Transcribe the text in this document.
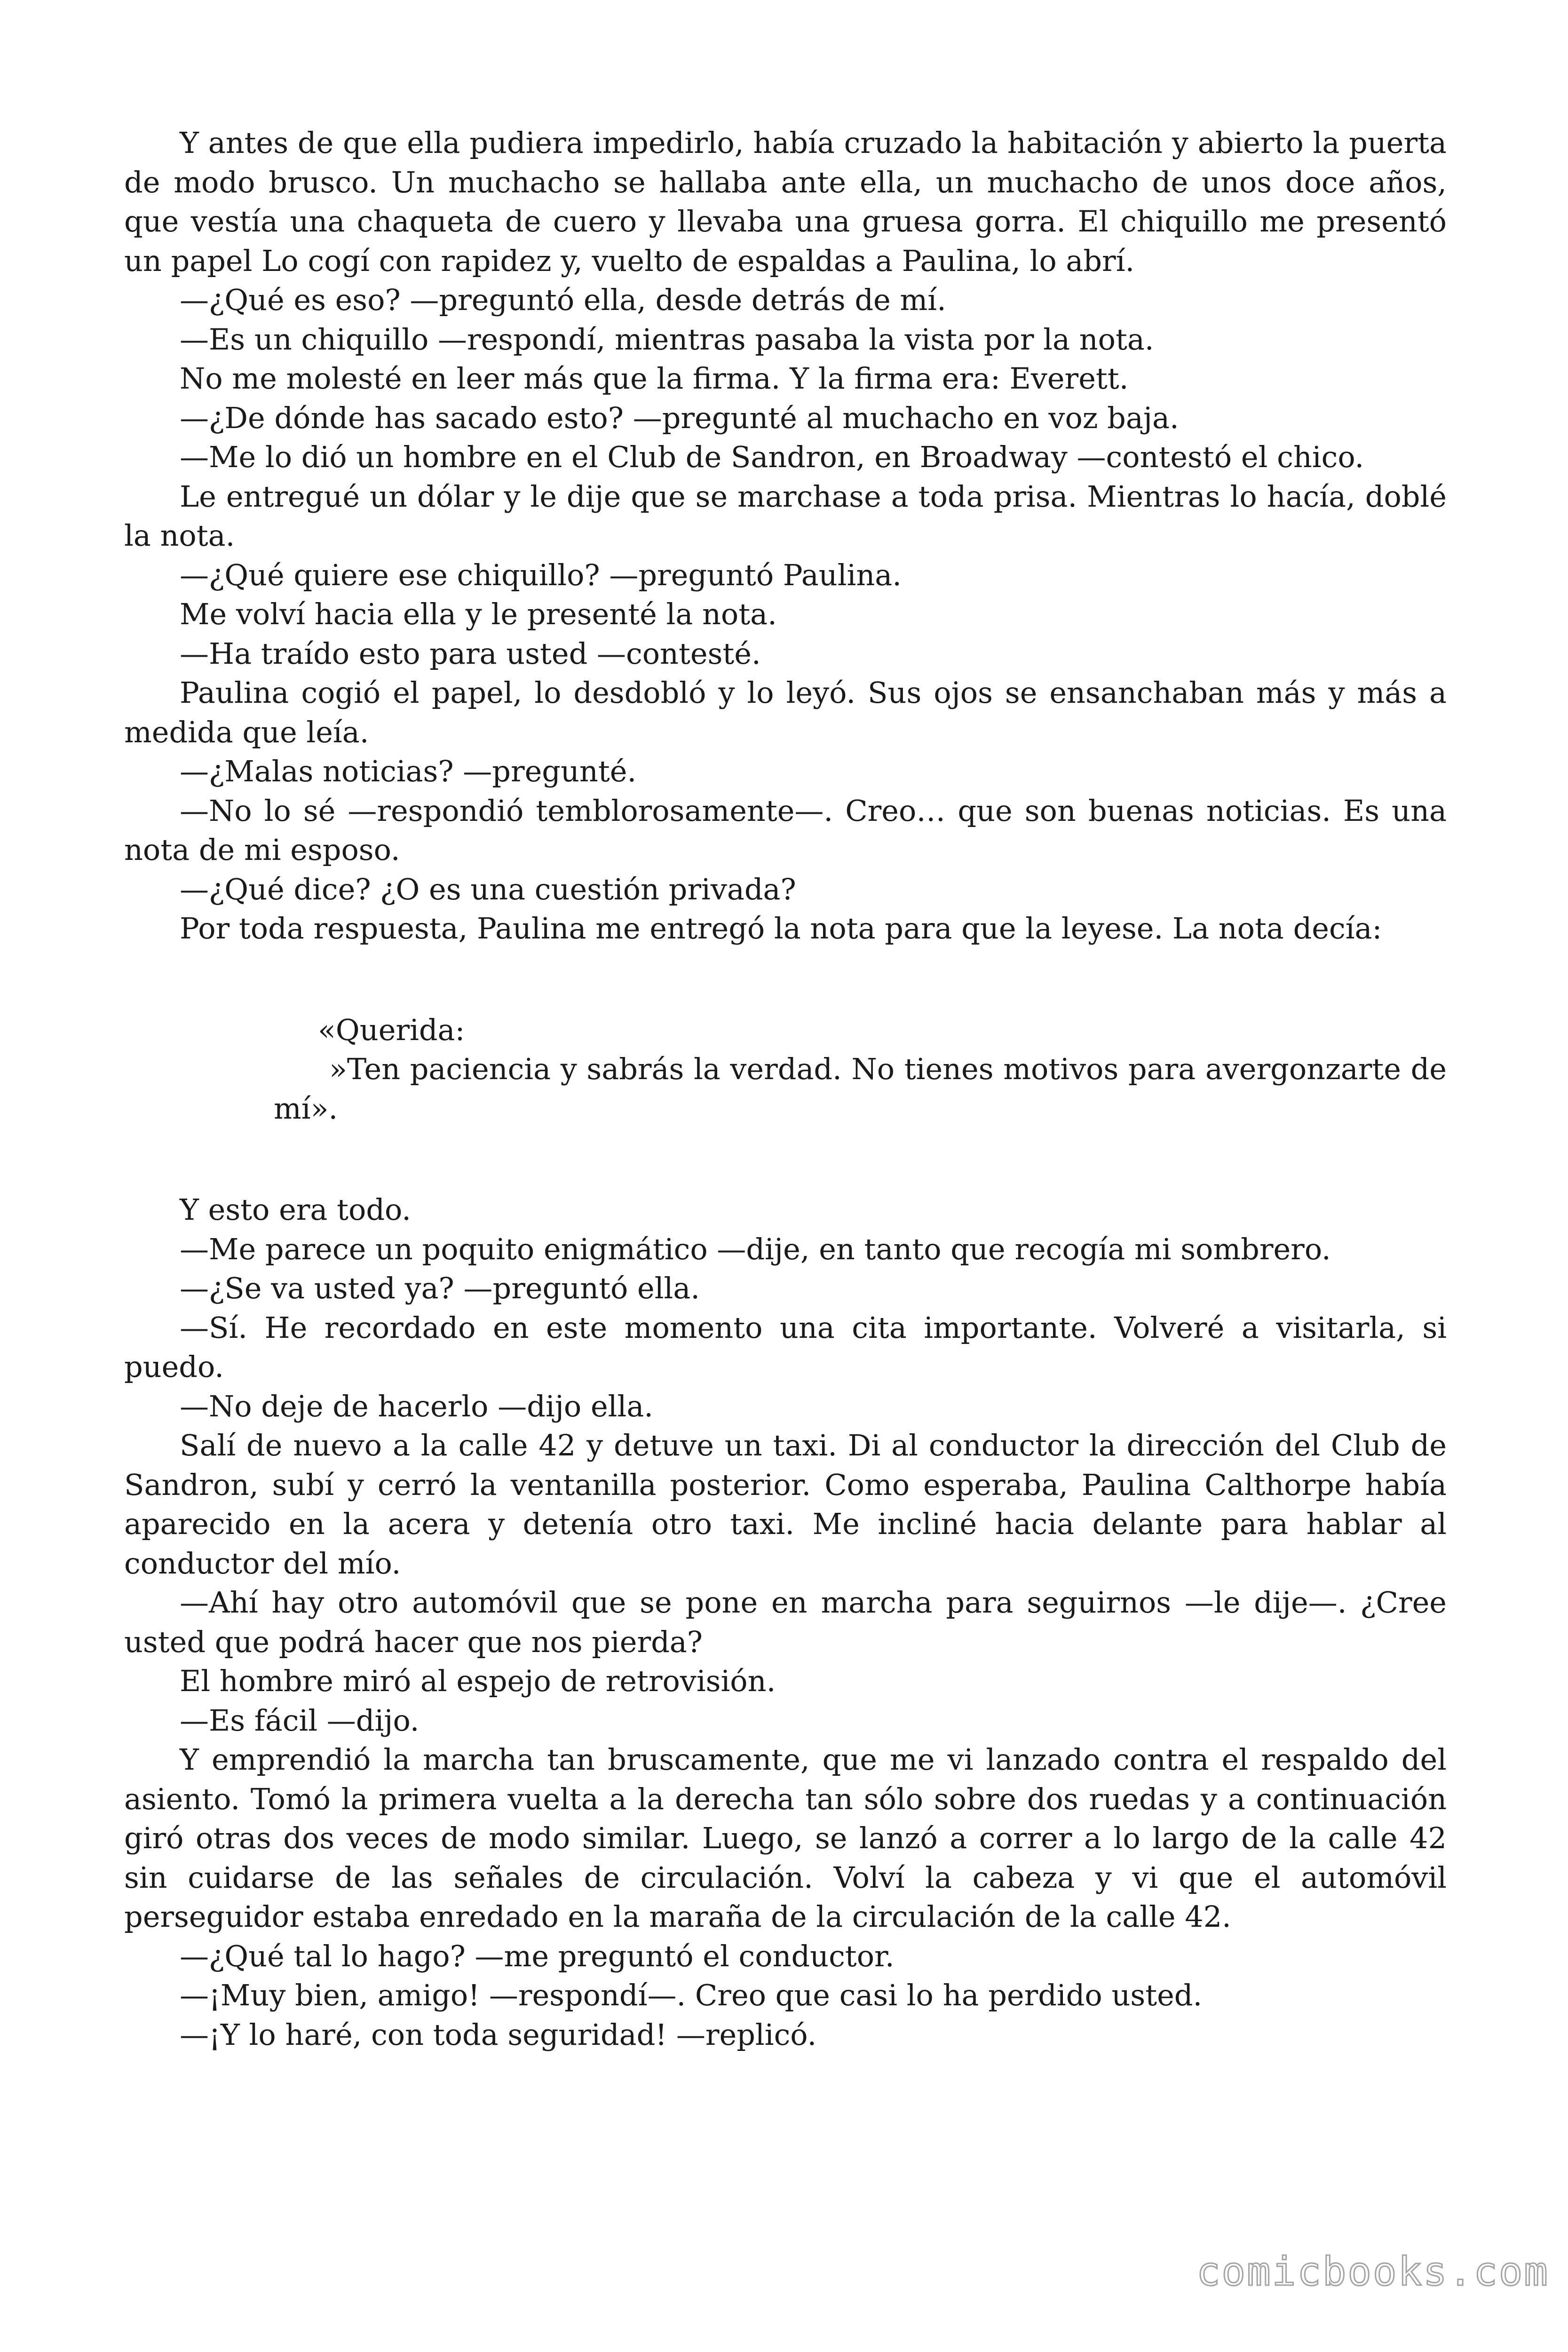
Y antes de que ella pudiera impedirlo, había cruzado la habitación y abierto la puerta de modo brusco. Un muchacho se hallaba ante ella, un muchacho de unos doce años, que vestía una chaqueta de cuero y llevaba una gruesa gorra. El chiquillo me presentó un papel Lo cogí con rapidez y, vuelto de espaldas a Paulina, lo abrí.

—¿Qué es eso? —preguntó ella, desde detrás de mí.

—Es un chiquillo —respondí, mientras pasaba la vista por la nota.

No me molesté en leer más que la firma. Y la firma era: Everett.

—¿De dónde has sacado esto? —pregunté al muchacho en voz baja.

—Me lo dió un hombre en el Club de Sandron, en Broadway —contestó el chico.

Le entregué un dólar y le dije que se marchase a toda prisa. Mientras lo hacía, doblé la nota.

—¿Qué quiere ese chiquillo? —preguntó Paulina.

Me volví hacia ella y le presenté la nota.

—Ha traído esto para usted —contesté.

Paulina cogió el papel, lo desdobló y lo leyó. Sus ojos se ensanchaban más y más a medida que leía.

—¿Malas noticias? —pregunté.

—No lo sé —respondió temblorosamente—. Creo… que son buenas noticias. Es una nota de mi esposo.

—¿Qué dice? ¿O es una cuestión privada?

Por toda respuesta, Paulina me entregó la nota para que la leyese. La nota decía:

«Querida:

»Ten paciencia y sabrás la verdad. No tienes motivos para avergonzarte de mí».

Y esto era todo.

—Me parece un poquito enigmático —dije, en tanto que recogía mi sombrero.

—¿Se va usted ya? —preguntó ella.

—Sí. He recordado en este momento una cita importante. Volveré a visitarla, si puedo.

—No deje de hacerlo —dijo ella.

Salí de nuevo a la calle 42 y detuve un taxi. Di al conductor la dirección del Club de Sandron, subí y cerró la ventanilla posterior. Como esperaba, Paulina Calthorpe había aparecido en la acera y detenía otro taxi. Me incliné hacia delante para hablar al conductor del mío.

—Ahí hay otro automóvil que se pone en marcha para seguirnos —le dije—. ¿Cree usted que podrá hacer que nos pierda?

El hombre miró al espejo de retrovisión.

—Es fácil —dijo.

Y emprendió la marcha tan bruscamente, que me vi lanzado contra el respaldo del asiento. Tomó la primera vuelta a la derecha tan sólo sobre dos ruedas y a continuación giró otras dos veces de modo similar. Luego, se lanzó a correr a lo largo de la calle 42 sin cuidarse de las señales de circulación. Volví la cabeza y vi que el automóvil perseguidor estaba enredado en la maraña de la circulación de la calle 42.

—¿Qué tal lo hago? —me preguntó el conductor.

—¡Muy bien, amigo! —respondí—. Creo que casi lo ha perdido usted.

—¡Y lo haré, con toda seguridad! —replicó.

comicbooks.com
